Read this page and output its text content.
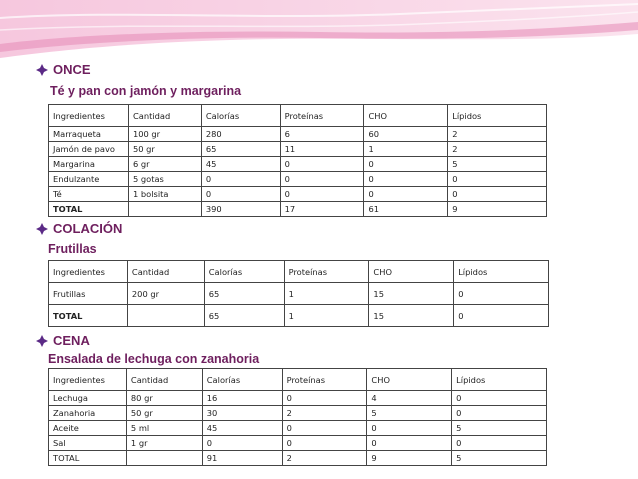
ONCE
Té y pan con jamón y margarina
Ingredientes	Cantidad	Calorías	Proteínas	CHO	Lípidos
Marraqueta	100 gr	280	6	60	2
Jamón de pavo	50 gr	65	11	1	2
Margarina	6 gr	45	0	0	5
Endulzante	5 gotas	0	0	0	0
Té	1 bolsita	0	0	0	0
TOTAL		390	17	61	9
COLACIÓN
Frutillas
Ingredientes	Cantidad	Calorías	Proteínas	CHO	Lípidos
Frutillas	200 gr	65	1	15	0
TOTAL		65	1	15	0
CENA
Ensalada de lechuga con zanahoria
Ingredientes	Cantidad	Calorías	Proteínas	CHO	Lípidos
Lechuga	80 gr	16	0	4	0
Zanahoria	50 gr	30	2	5	0
Aceite	5 ml	45	0	0	5
Sal	1 gr	0	0	0	0
TOTAL		91	2	9	5
